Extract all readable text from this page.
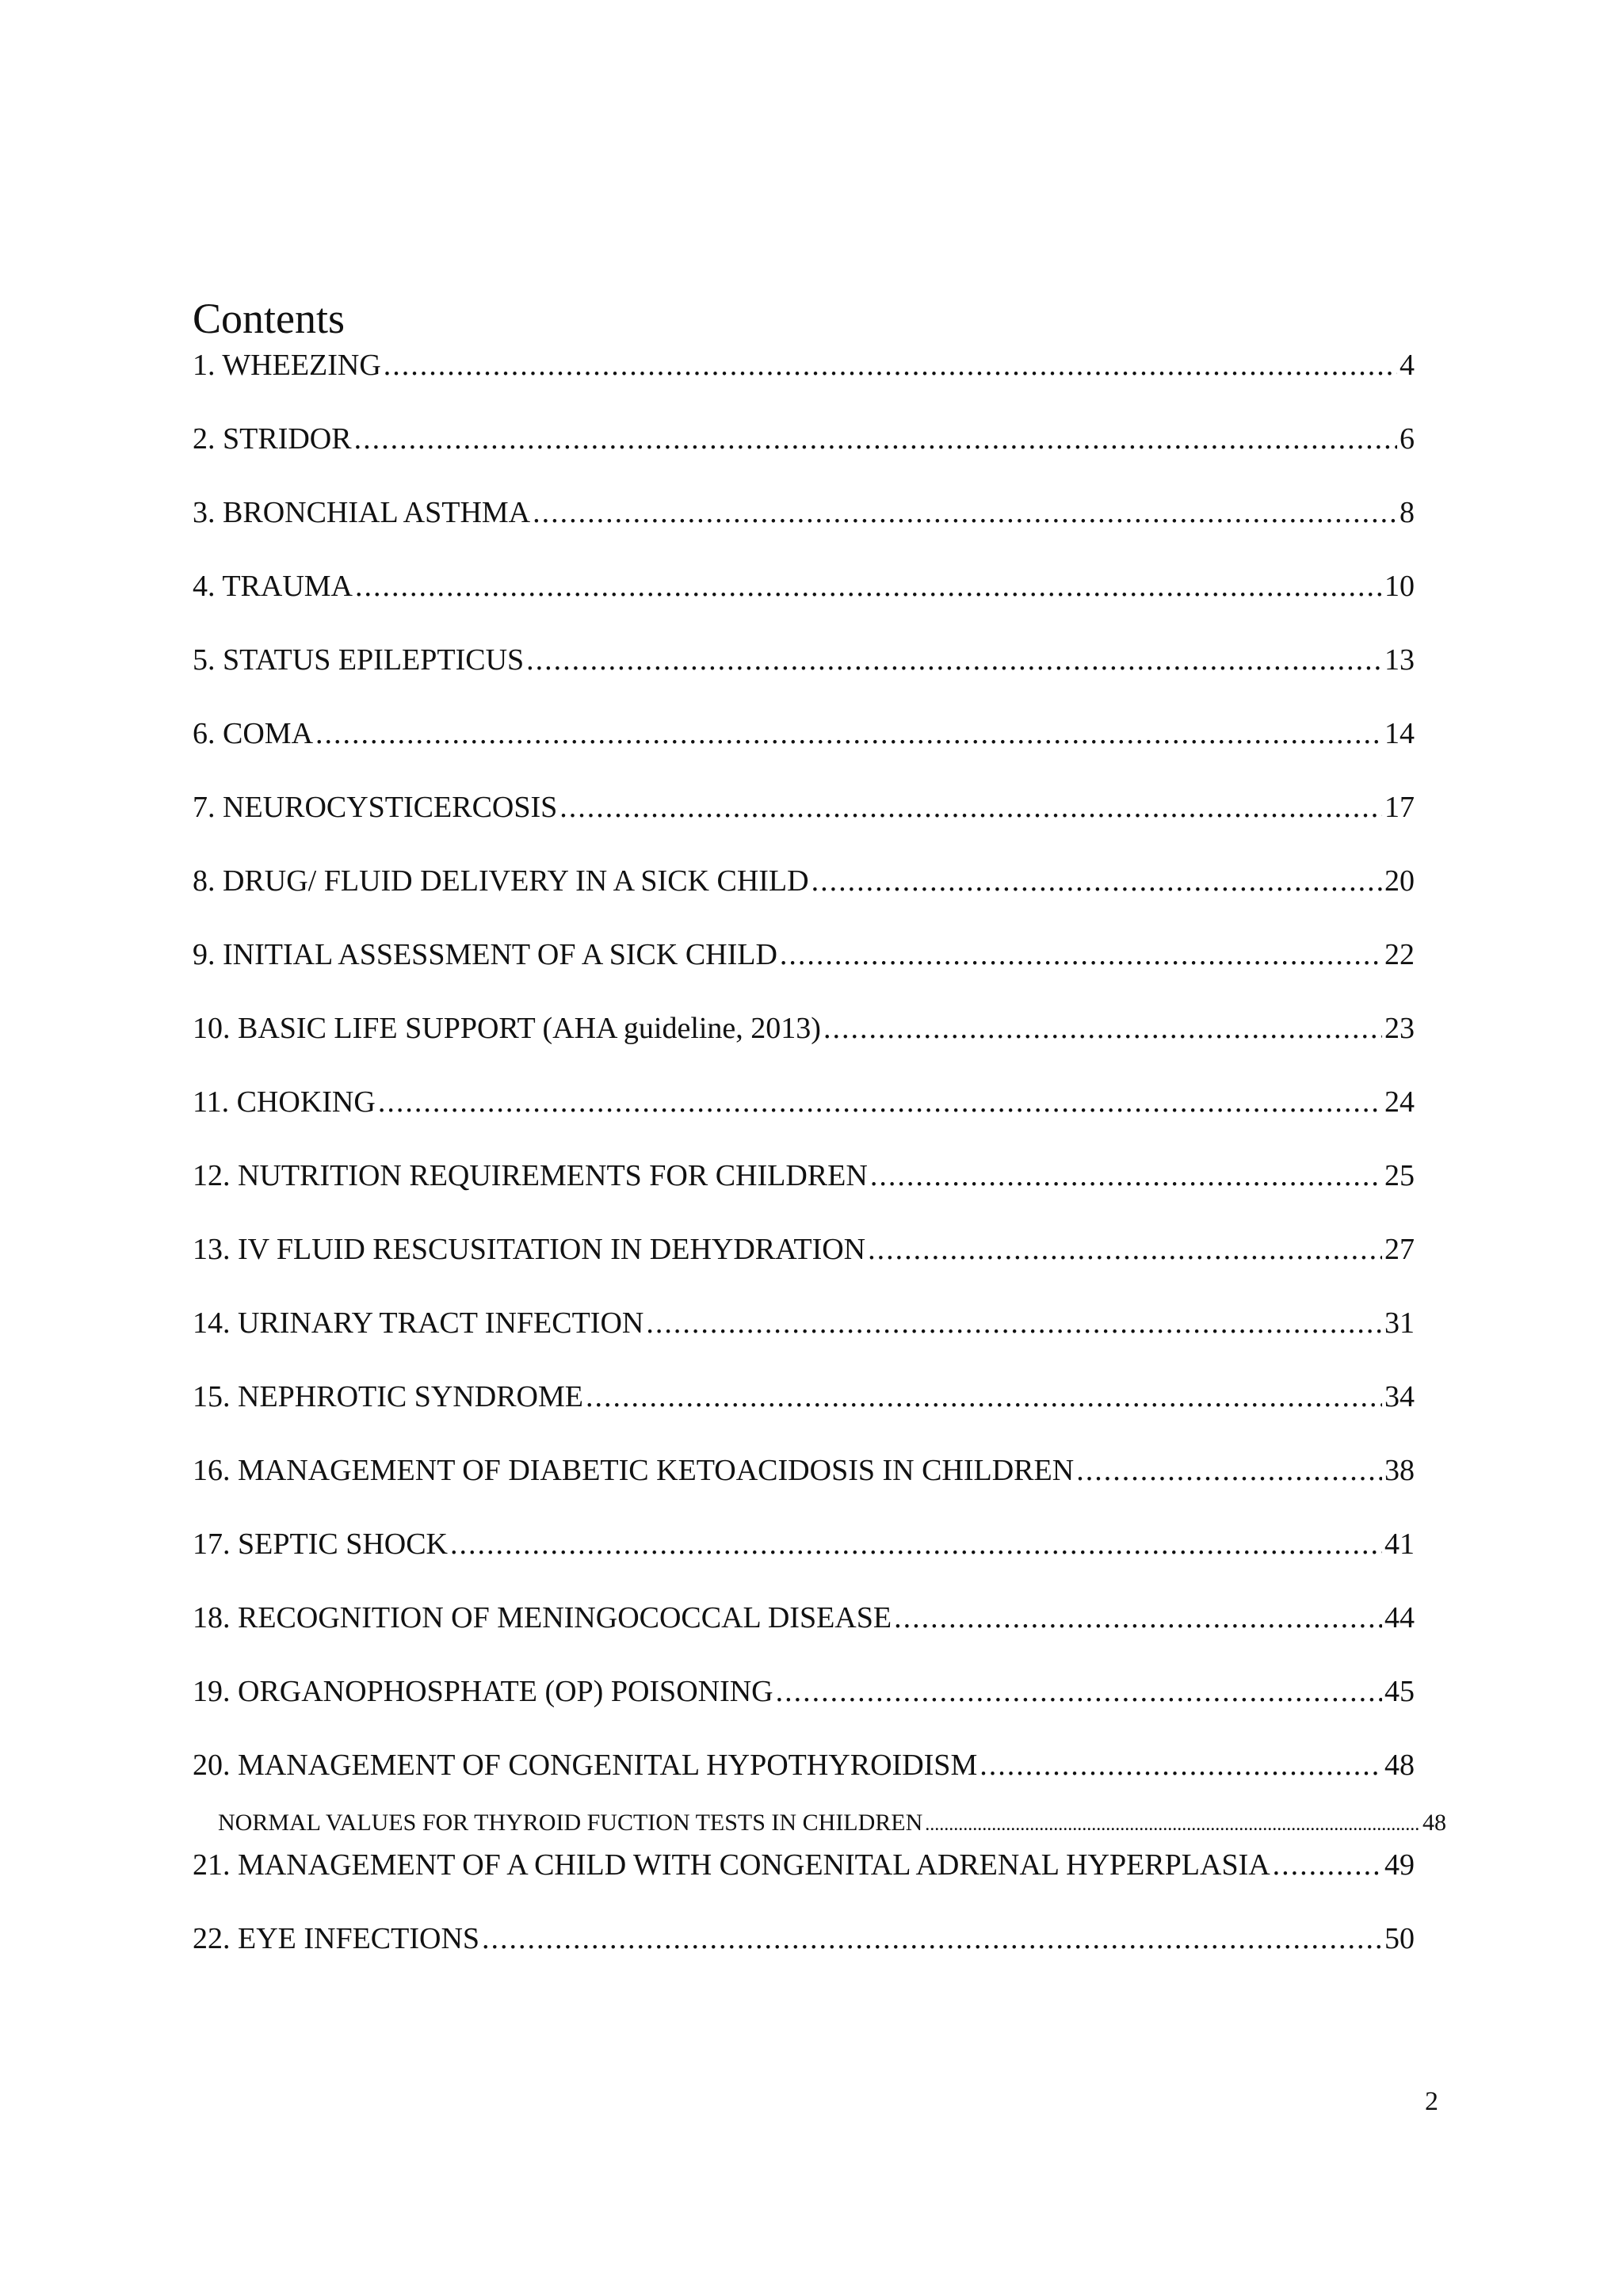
Contents
1. WHEEZING .....	4
2. STRIDOR .....	6
3. BRONCHIAL ASTHMA .....	8
4. TRAUMA .....	10
5. STATUS EPILEPTICUS .....	13
6. COMA .....	14
7. NEUROCYSTICERCOSIS .....	17
8. DRUG/ FLUID DELIVERY IN A SICK CHILD .....	20
9. INITIAL ASSESSMENT OF A SICK CHILD .....	22
10. BASIC LIFE SUPPORT (AHA guideline, 2013) .....	23
11. CHOKING .....	24
12. NUTRITION REQUIREMENTS FOR CHILDREN .....	25
13. IV FLUID RESCUSITATION IN DEHYDRATION .....	27
14. URINARY TRACT INFECTION .....	31
15. NEPHROTIC SYNDROME .....	34
16. MANAGEMENT OF DIABETIC KETOACIDOSIS IN CHILDREN .....	38
17. SEPTIC SHOCK .....	41
18. RECOGNITION OF MENINGOCOCCAL DISEASE .....	44
19. ORGANOPHOSPHATE (OP) POISONING .....	45
20. MANAGEMENT OF CONGENITAL HYPOTHYROIDISM .....	48
NORMAL VALUES FOR THYROID FUCTION TESTS IN CHILDREN .....	48
21. MANAGEMENT OF A CHILD WITH CONGENITAL ADRENAL HYPERPLASIA .....	49
22. EYE INFECTIONS .....	50
2
